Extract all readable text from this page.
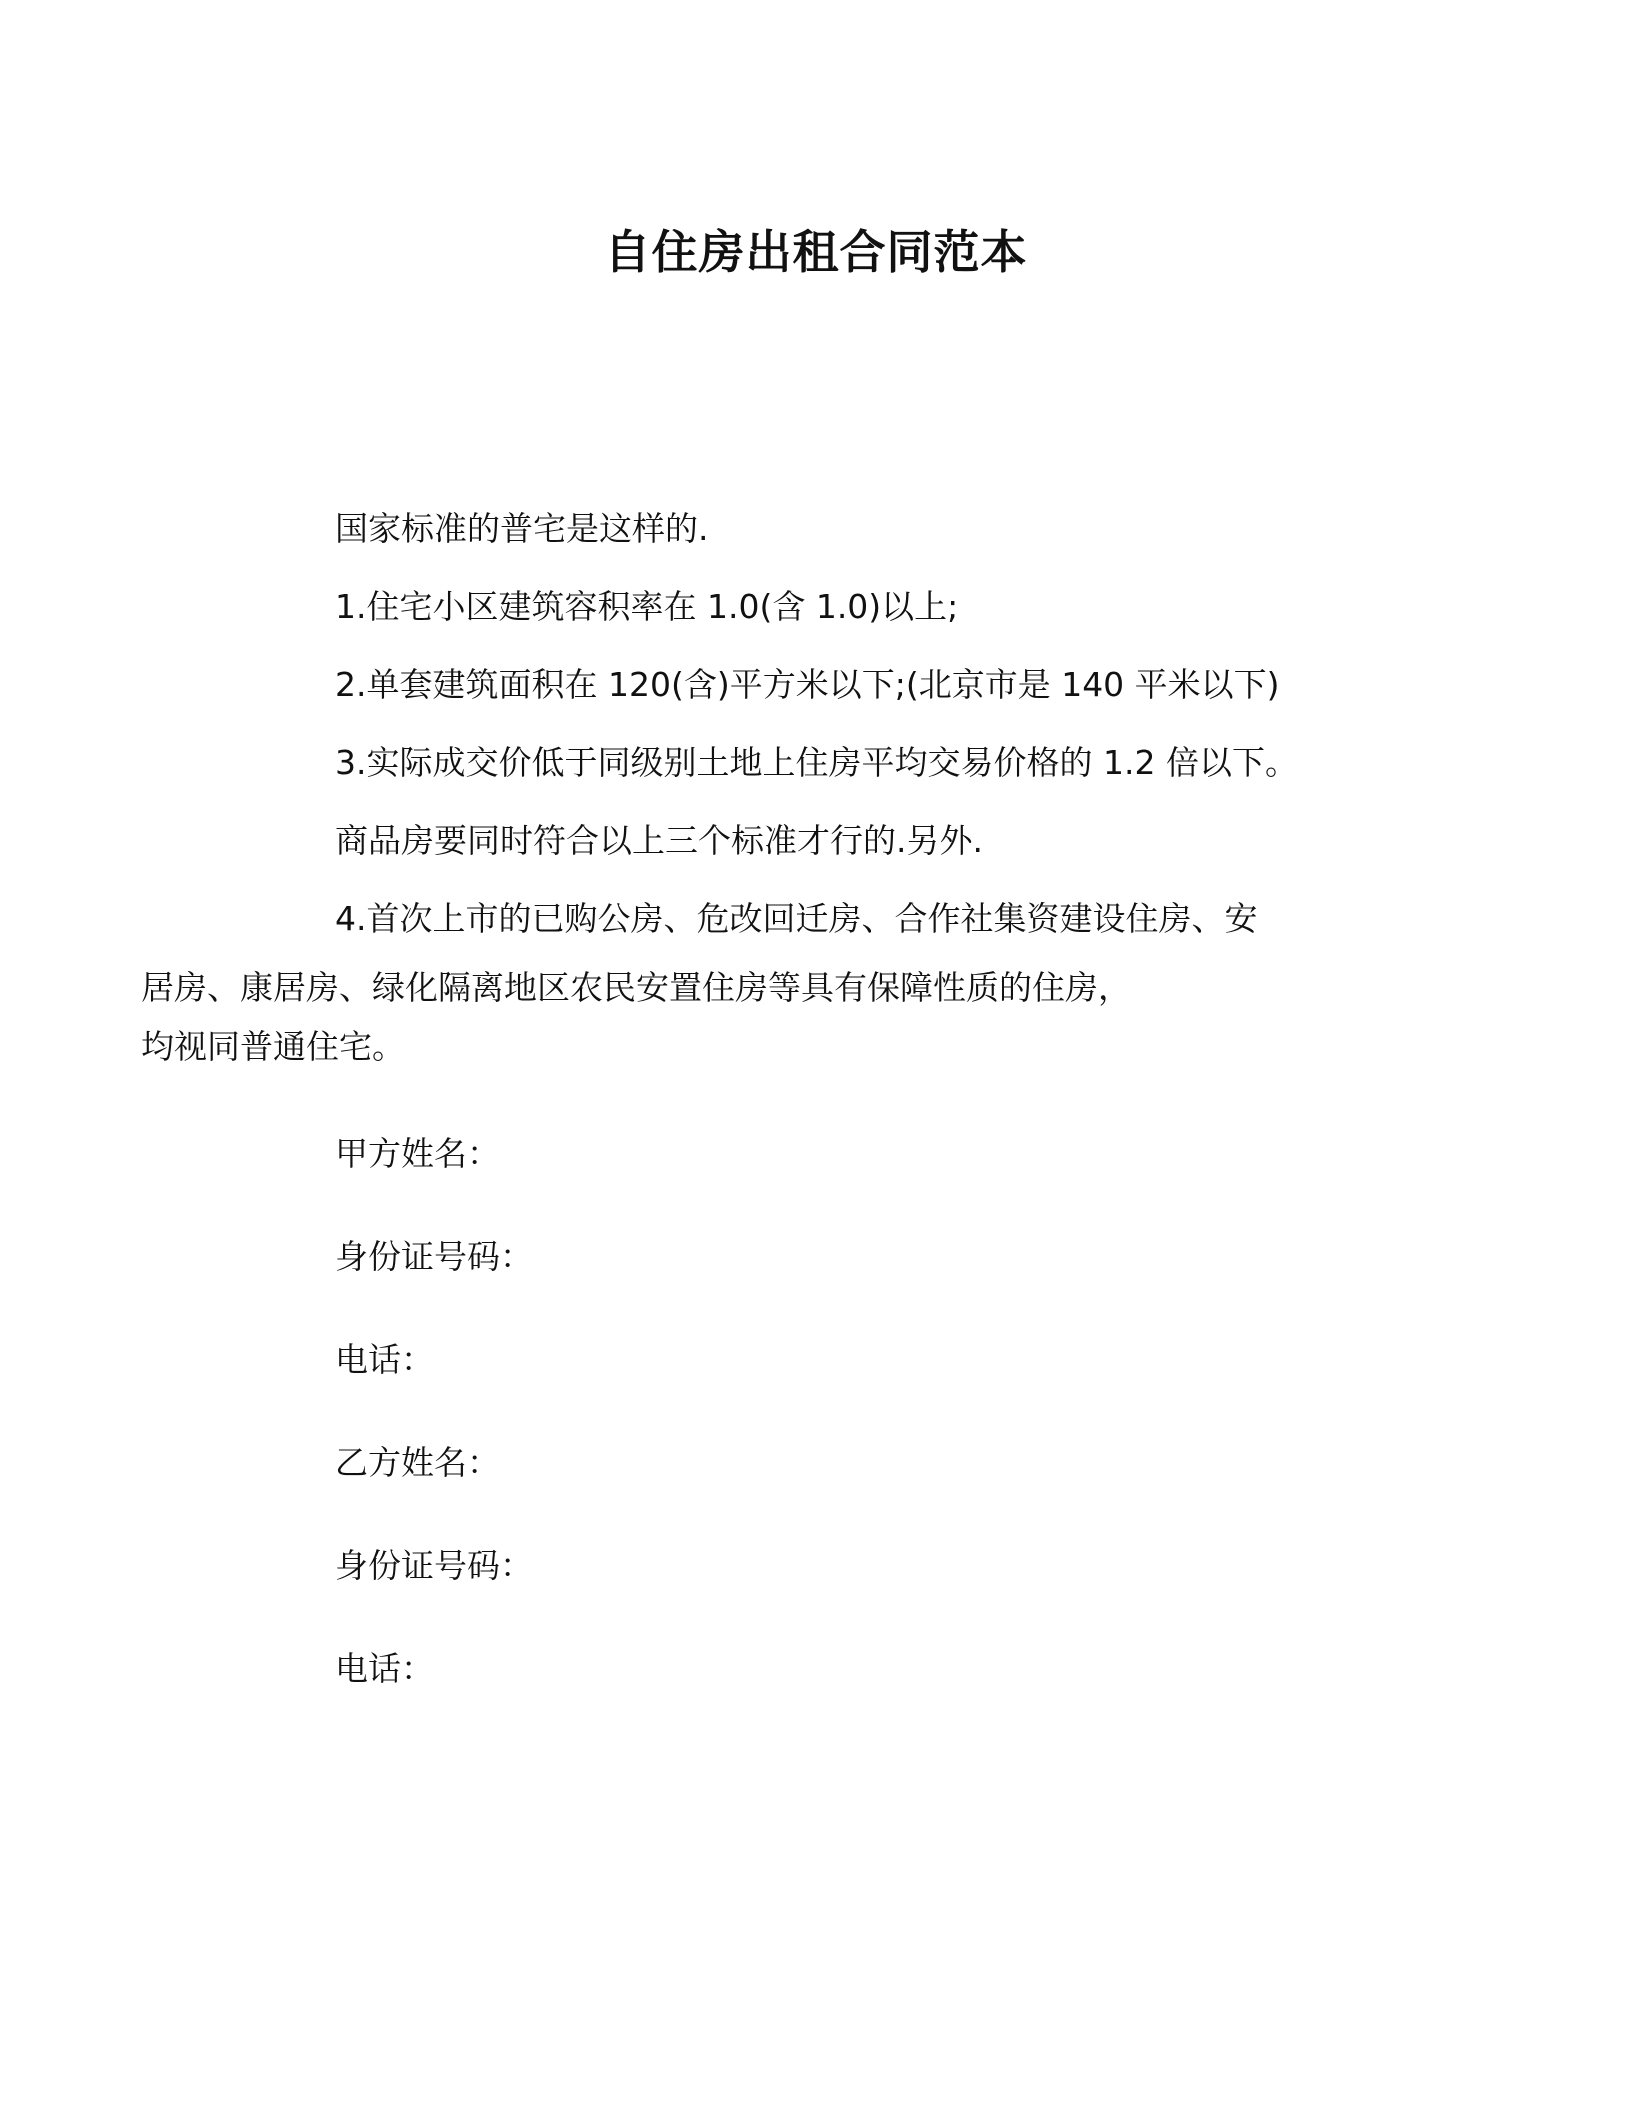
自住房出租合同范本

国家标准的普宅是这样的.

1.住宅小区建筑容积率在 1.0(含 1.0)以上;

2.单套建筑面积在 120(含)平方米以下;(北京市是 140 平米以下)

3.实际成交价低于同级别土地上住房平均交易价格的 1.2 倍以下。

商品房要同时符合以上三个标准才行的.另外.

4.首次上市的已购公房、危改回迁房、合作社集资建设住房、安
居房、康居房、绿化隔离地区农民安置住房等具有保障性质的住房，
均视同普通住宅。

甲方姓名：

身份证号码：

电话：

乙方姓名：

身份证号码：

电话：
